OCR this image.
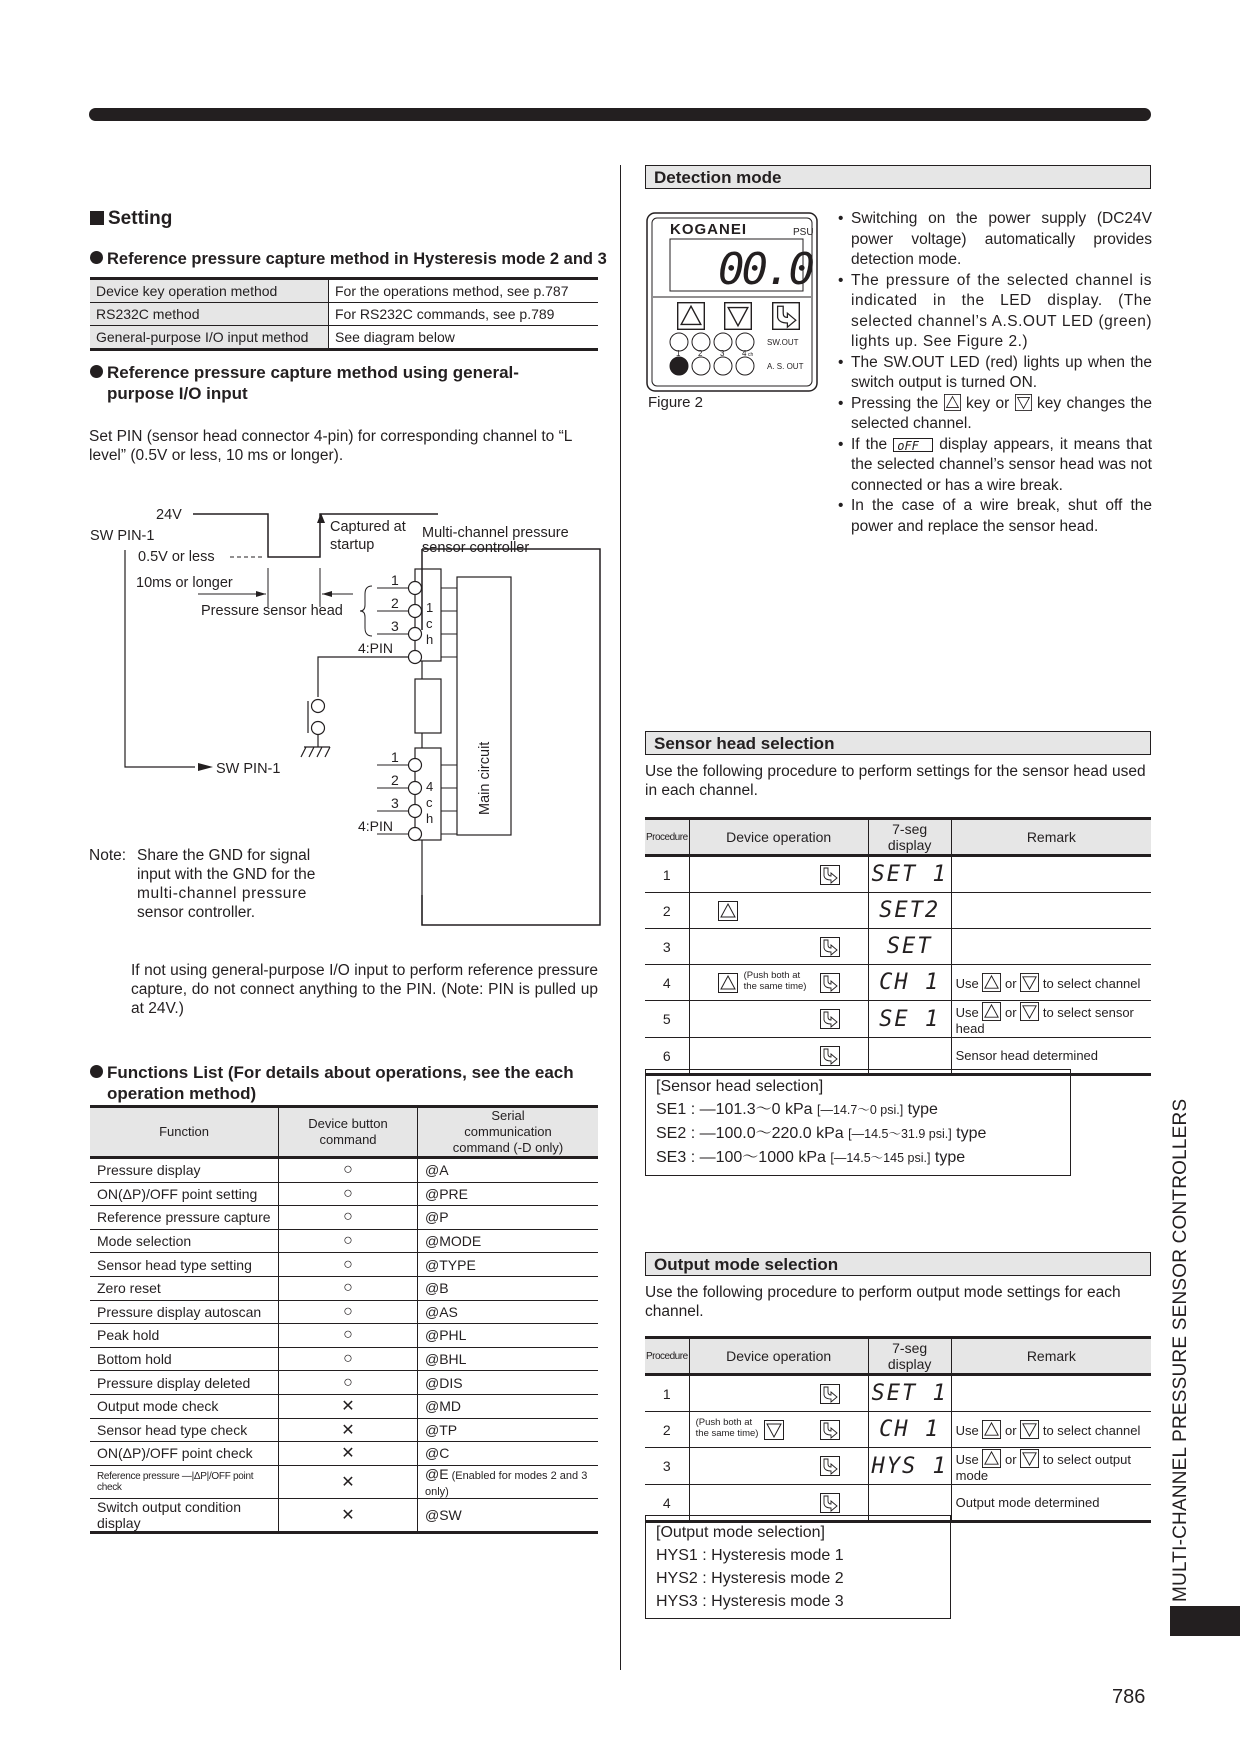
Setting
Reference pressure capture method in Hysteresis mode 2 and 3
Device key operation method	For the operations method, see p.787
RS232C method	For RS232C commands, see p.789
General-purpose I/O input method	See diagram below
Reference pressure capture method using general-
purpose I/O input
Set PIN (sensor head connector 4-pin) for corresponding channel to “L level” (0.5V or less, 10 ms or longer).
24V
SW PIN-1
0.5V or less
10ms or longer
Captured at
startup
Multi-channel pressure
sensor controller
Pressure sensor head
1
2
3
4:PIN
1
c
h
1
2
3
4:PIN
4
c
h
SW PIN-1	Main circuit
Note: Share the GND for signal
input with the GND for the
multi-channel pressure
sensor controller.
If not using general-purpose I/O input to perform reference pressure capture, do not connect anything to the PIN. (Note: PIN is pulled up at 24V.)
Functions List (For details about operations, see the each
operation method)
Function	Device button command	Serial communication command (-D only)
Pressure display	○	@A
ON(ΔP)/OFF point setting	○	@PRE
Reference pressure capture	○	@P
Mode selection	○	@MODE
Sensor head type setting	○	@TYPE
Zero reset	○	@B
Pressure display autoscan	○	@AS
Peak hold	○	@PHL
Bottom hold	○	@BHL
Pressure display deleted	○	@DIS
Output mode check	✕	@MD
Sensor head type check	✕	@TP
ON(ΔP)/OFF point check	✕	@C
Reference pressure —|ΔP|/OFF point check	✕	@E (Enabled for modes 2 and 3 only)
Switch output condition display	✕	@SW
Detection mode
KOGANEI	PSU
00.0
1 2 3 4 ch
SW.OUT
A. S. OUT
Figure 2
• Switching on the power supply (DC24V power voltage) automatically provides detection mode.
• The pressure of the selected channel is indicated in the LED display. (The selected channel’s A.S.OUT LED (green) lights up. See Figure 2.)
• The SW.OUT LED (red) lights up when the switch output is turned ON.
• Pressing the key or key changes the selected channel.
• If the oFF display appears, it means that the selected channel’s sensor head was not connected or has a wire break.
• In the case of a wire break, shut off the power and replace the sensor head.
Sensor head selection
Use the following procedure to perform settings for the sensor head used in each channel.
Procedure	Device operation	7-seg display	Remark
1		SET 1	
2		SET2	
3		SET	
4	(Push both at the same time)	CH 1	Use or to select channel
5		SE 1	Use or to select sensor head
6			Sensor head determined
[Sensor head selection]
SE1 : —101.3～0 kPa [—14.7～0 psi.] type
SE2 : —100.0～220.0 kPa [—14.5～31.9 psi.] type
SE3 : —100～1000 kPa [—14.5～145 psi.] type
Output mode selection
Use the following procedure to perform output mode settings for each channel.
Procedure	Device operation	7-seg display	Remark
1		SET 1	
2	(Push both at the same time)	CH 1	Use or to select channel
3		HYS 1	Use or to select output mode
4			Output mode determined
[Output mode selection]
HYS1 : Hysteresis mode 1
HYS2 : Hysteresis mode 2
HYS3 : Hysteresis mode 3	MULTI-CHANNEL PRESSURE SENSOR CONTROLLERS
786
